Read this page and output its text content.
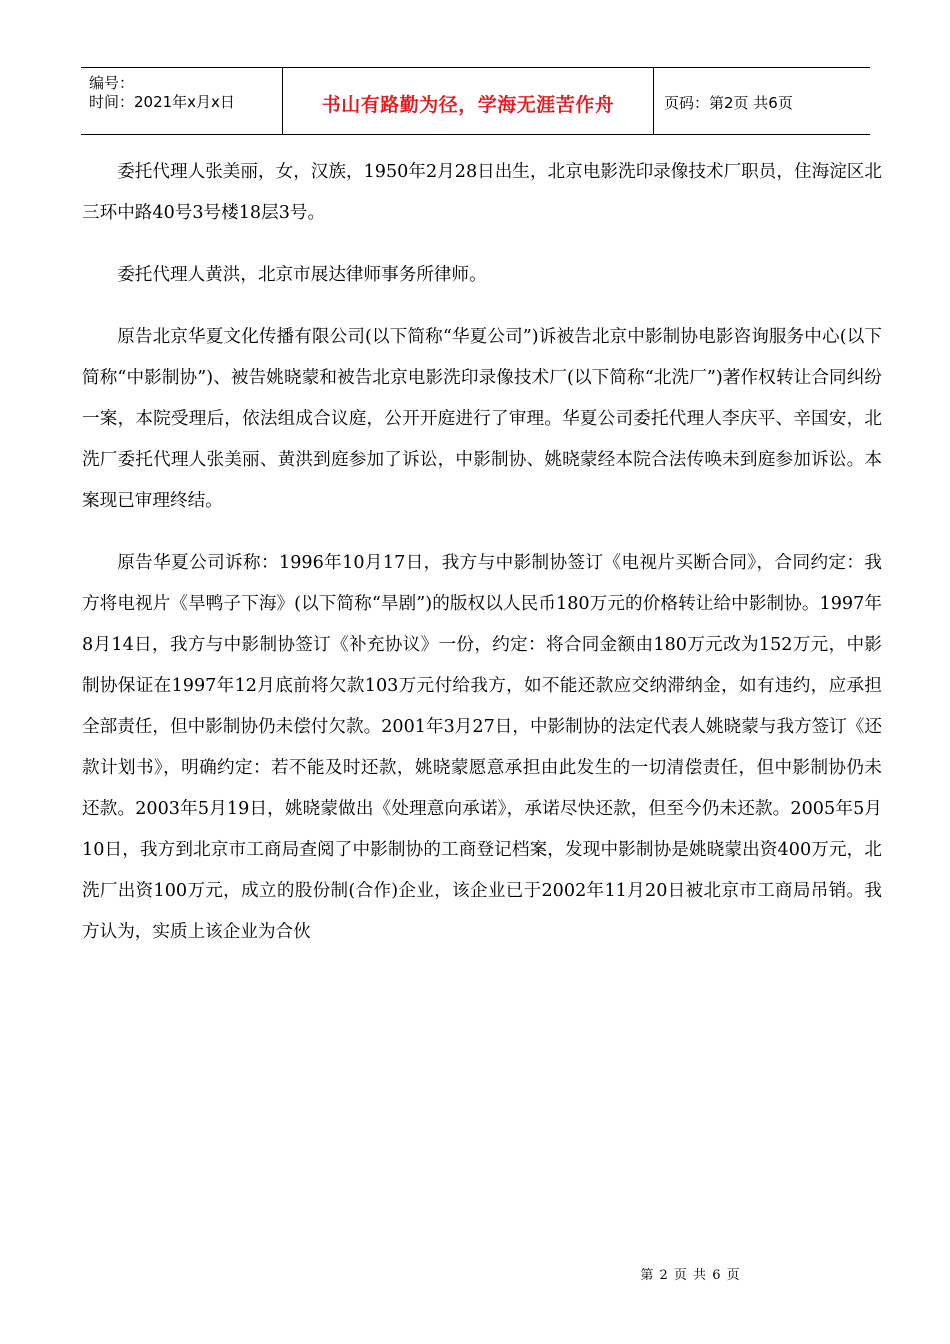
编号：
时间：2021年x月x日	书山有路勤为径，学海无涯苦作舟	页码：第2页 共6页

委托代理人张美丽，女，汉族，1950年2月28日出生，北京电影洗印录像技术厂职员，住海淀区北三环中路40号3号楼18层3号。

委托代理人黄洪，北京市展达律师事务所律师。

原告北京华夏文化传播有限公司(以下简称“华夏公司”)诉被告北京中影制协电影咨询服务中心(以下简称“中影制协”)、被告姚晓蒙和被告北京电影洗印录像技术厂(以下简称“北洗厂”)著作权转让合同纠纷一案，本院受理后，依法组成合议庭，公开开庭进行了审理。华夏公司委托代理人李庆平、辛国安，北洗厂委托代理人张美丽、黄洪到庭参加了诉讼，中影制协、姚晓蒙经本院合法传唤未到庭参加诉讼。本案现已审理终结。

原告华夏公司诉称：1996年10月17日，我方与中影制协签订《电视片买断合同》，合同约定：我方将电视片《旱鸭子下海》(以下简称“旱剧”)的版权以人民币180万元的价格转让给中影制协。1997年8月14日，我方与中影制协签订《补充协议》一份，约定：将合同金额由180万元改为152万元，中影制协保证在1997年12月底前将欠款103万元付给我方，如不能还款应交纳滞纳金，如有违约，应承担全部责任，但中影制协仍未偿付欠款。2001年3月27日，中影制协的法定代表人姚晓蒙与我方签订《还款计划书》，明确约定：若不能及时还款，姚晓蒙愿意承担由此发生的一切清偿责任，但中影制协仍未还款。2003年5月19日，姚晓蒙做出《处理意向承诺》，承诺尽快还款，但至今仍未还款。2005年5月10日，我方到北京市工商局查阅了中影制协的工商登记档案，发现中影制协是姚晓蒙出资400万元，北洗厂出资100万元，成立的股份制(合作)企业，该企业已于2002年11月20日被北京市工商局吊销。我方认为，实质上该企业为合伙

第 2 页 共 6 页
